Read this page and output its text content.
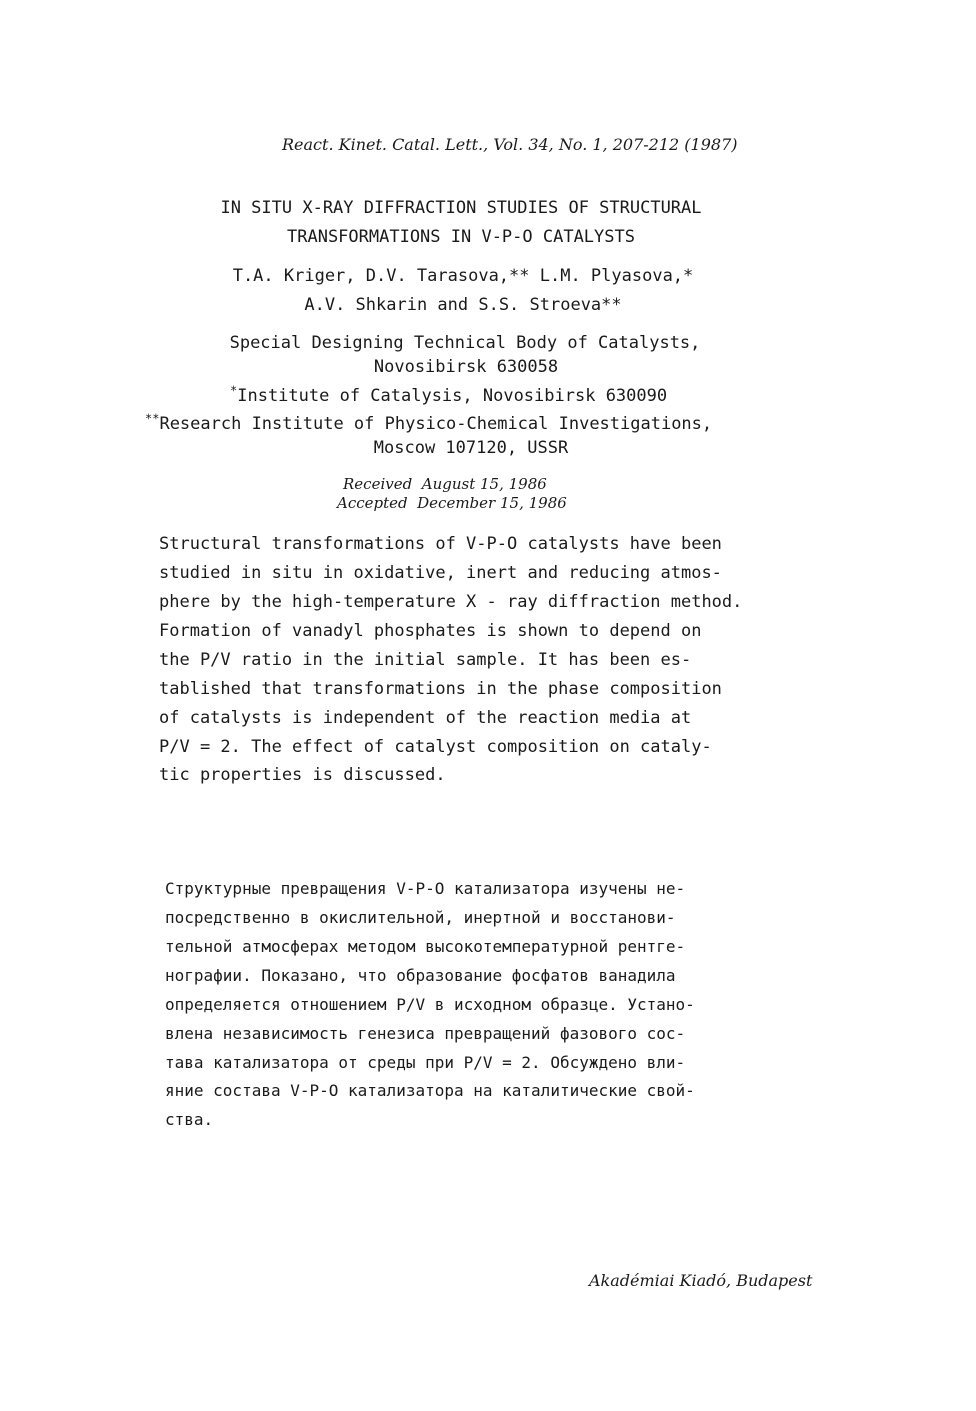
React. Kinet. Catal. Lett., Vol. 34, No. 1, 207-212 (1987)
IN SITU X-RAY DIFFRACTION STUDIES OF STRUCTURAL
TRANSFORMATIONS IN V-P-O CATALYSTS
T.A. Kriger, D.V. Tarasova,** L.M. Plyasova,*
A.V. Shkarin and S.S. Stroeva**
Special Designing Technical Body of Catalysts,
Novosibirsk 630058
*Institute of Catalysis, Novosibirsk 630090
**Research Institute of Physico-Chemical Investigations,
Moscow 107120, USSR
Received  August 15, 1986
Accepted  December 15, 1986
Structural transformations of V-P-O catalysts have been
studied in situ in oxidative, inert and reducing atmos-
phere by the high-temperature X - ray diffraction method.
Formation of vanadyl phosphates is shown to depend on
the P/V ratio in the initial sample. It has been es-
tablished that transformations in the phase composition
of catalysts is independent of the reaction media at
P/V = 2. The effect of catalyst composition on cataly-
tic properties is discussed.
Структурные превращения V-P-O катализатора изучены не-
посредственно в окислительной, инертной и восстанови-
тельной атмосферах методом высокотемпературной рентге-
нографии. Показано, что образование фосфатов ванадила
определяется отношением P/V в исходном образце. Устано-
влена независимость генезиса превращений фазового сос-
тава катализатора от среды при P/V = 2. Обсуждено вли-
яние состава V-P-O катализатора на каталитические свой-
ства.
Akadémiai Kiadó, Budapest
